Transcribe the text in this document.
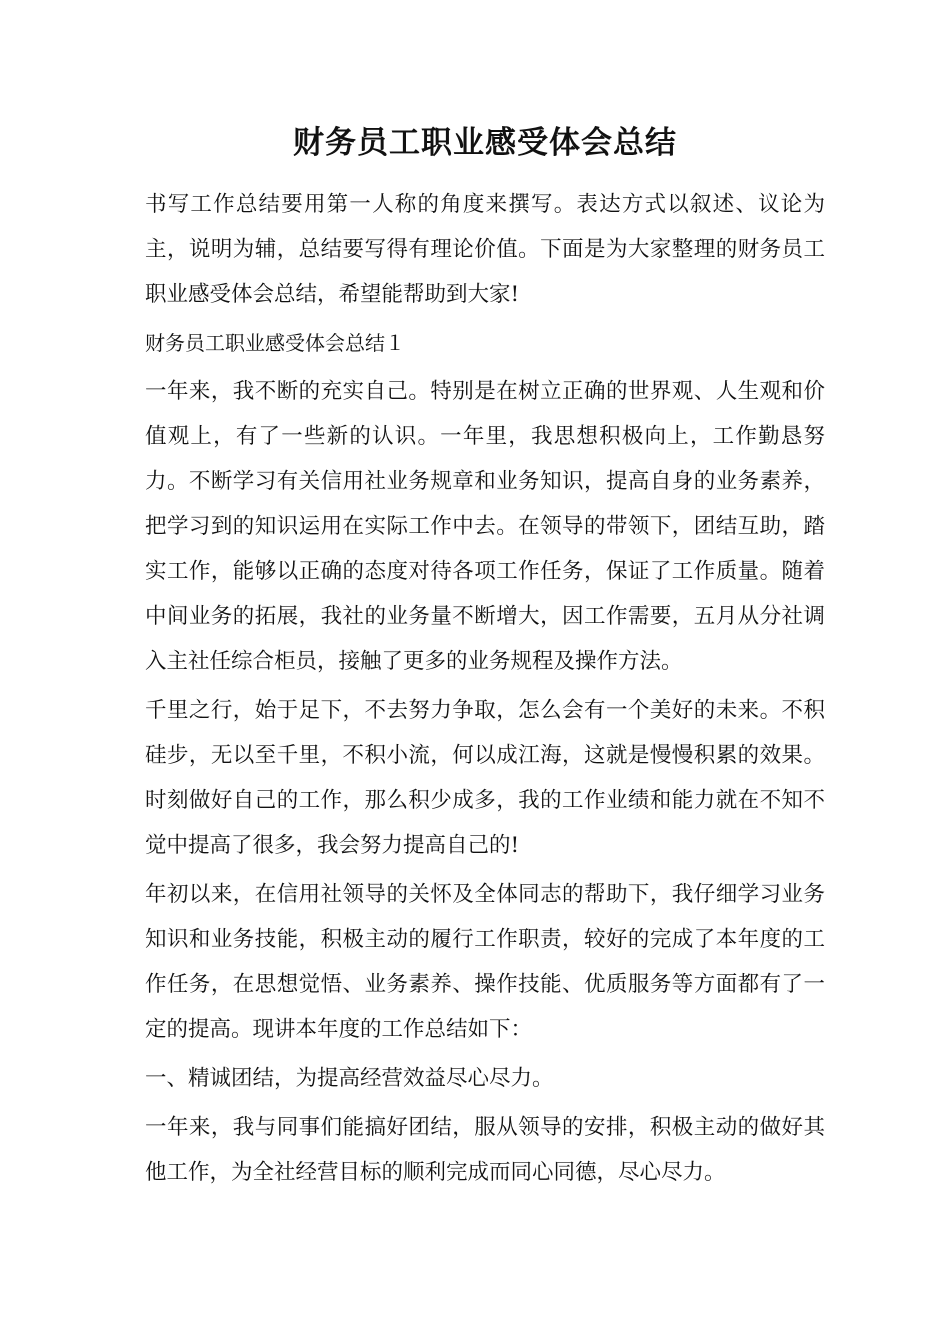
财务员工职业感受体会总结

书写工作总结要用第一人称的角度来撰写。表达方式以叙述、议论为主，说明为辅，总结要写得有理论价值。下面是为大家整理的财务员工职业感受体会总结，希望能帮助到大家!

财务员工职业感受体会总结１

一年来，我不断的充实自己。特别是在树立正确的世界观、人生观和价值观上，有了一些新的认识。一年里，我思想积极向上，工作勤恳努力。不断学习有关信用社业务规章和业务知识，提高自身的业务素养，把学习到的知识运用在实际工作中去。在领导的带领下，团结互助，踏实工作，能够以正确的态度对待各项工作任务，保证了工作质量。随着中间业务的拓展，我社的业务量不断增大，因工作需要，五月从分社调入主社任综合柜员，接触了更多的业务规程及操作方法。

千里之行，始于足下，不去努力争取，怎么会有一个美好的未来。不积硅步，无以至千里，不积小流，何以成江海，这就是慢慢积累的效果。时刻做好自己的工作，那么积少成多，我的工作业绩和能力就在不知不觉中提高了很多，我会努力提高自己的!

年初以来，在信用社领导的关怀及全体同志的帮助下，我仔细学习业务知识和业务技能，积极主动的履行工作职责，较好的完成了本年度的工作任务，在思想觉悟、业务素养、操作技能、优质服务等方面都有了一定的提高。现讲本年度的工作总结如下：

一、精诚团结，为提高经营效益尽心尽力。

一年来，我与同事们能搞好团结，服从领导的安排，积极主动的做好其他工作，为全社经营目标的顺利完成而同心同德，尽心尽力。
